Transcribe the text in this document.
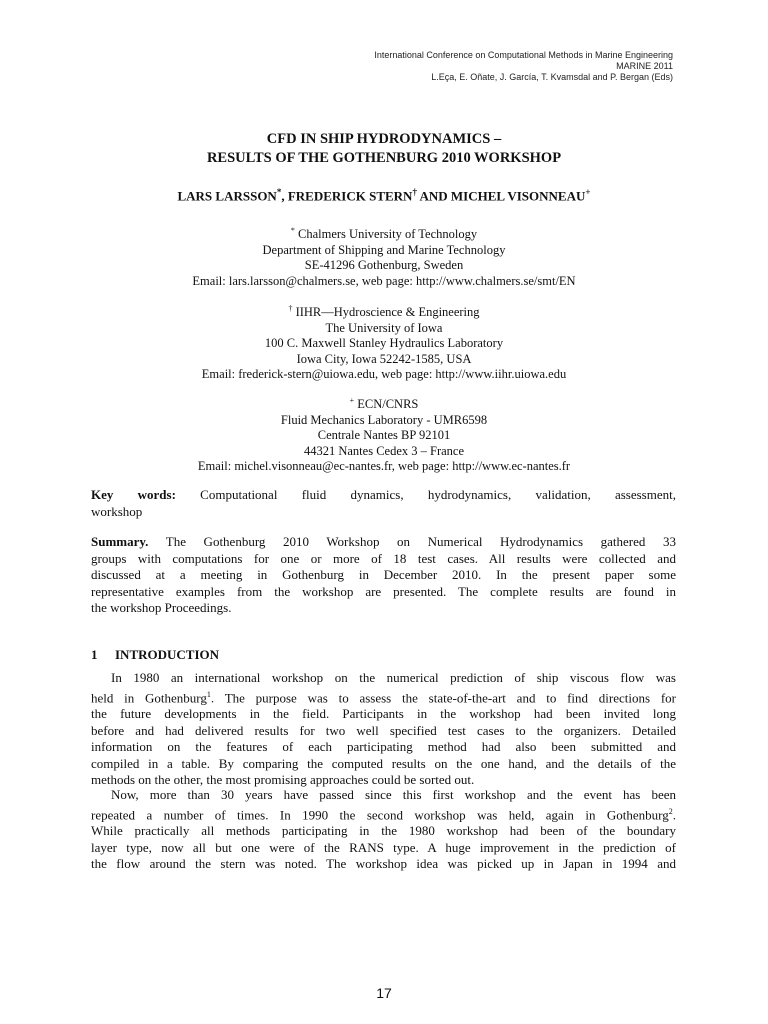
International Conference on Computational Methods in Marine Engineering
MARINE 2011
L.Eça, E. Oñate, J. García, T. Kvamsdal and P. Bergan (Eds)
CFD IN SHIP HYDRODYNAMICS –
RESULTS OF THE GOTHENBURG 2010 WORKSHOP
LARS LARSSON*, FREDERICK STERN† AND MICHEL VISONNEAU+
* Chalmers University of Technology
Department of Shipping and Marine Technology
SE-41296 Gothenburg, Sweden
Email: lars.larsson@chalmers.se, web page: http://www.chalmers.se/smt/EN
† IIHR—Hydroscience & Engineering
The University of Iowa
100 C. Maxwell Stanley Hydraulics Laboratory
Iowa City, Iowa 52242-1585, USA
Email: frederick-stern@uiowa.edu, web page: http://www.iihr.uiowa.edu
+ ECN/CNRS
Fluid Mechanics Laboratory - UMR6598
Centrale Nantes BP 92101
44321 Nantes Cedex 3 – France
Email: michel.visonneau@ec-nantes.fr, web page: http://www.ec-nantes.fr
Key words: Computational fluid dynamics, hydrodynamics, validation, assessment,
workshop
Summary. The Gothenburg 2010 Workshop on Numerical Hydrodynamics gathered 33
groups with computations for one or more of 18 test cases. All results were collected and
discussed at a meeting in Gothenburg in December 2010. In the present paper some
representative examples from the workshop are presented. The complete results are found in
the workshop Proceedings.
1 INTRODUCTION
In 1980 an international workshop on the numerical prediction of ship viscous flow was
held in Gothenburg$^1$. The purpose was to assess the state-of-the-art and to find directions for
the future developments in the field. Participants in the workshop had been invited long
before and had delivered results for two well specified test cases to the organizers. Detailed
information on the features of each participating method had also been submitted and
compiled in a table. By comparing the computed results on the one hand, and the details of the
methods on the other, the most promising approaches could be sorted out.
Now, more than 30 years have passed since this first workshop and the event has been
repeated a number of times. In 1990 the second workshop was held, again in Gothenburg$^2$.
While practically all methods participating in the 1980 workshop had been of the boundary
layer type, now all but one were of the RANS type. A huge improvement in the prediction of
the flow around the stern was noted. The workshop idea was picked up in Japan in 1994 and
17
